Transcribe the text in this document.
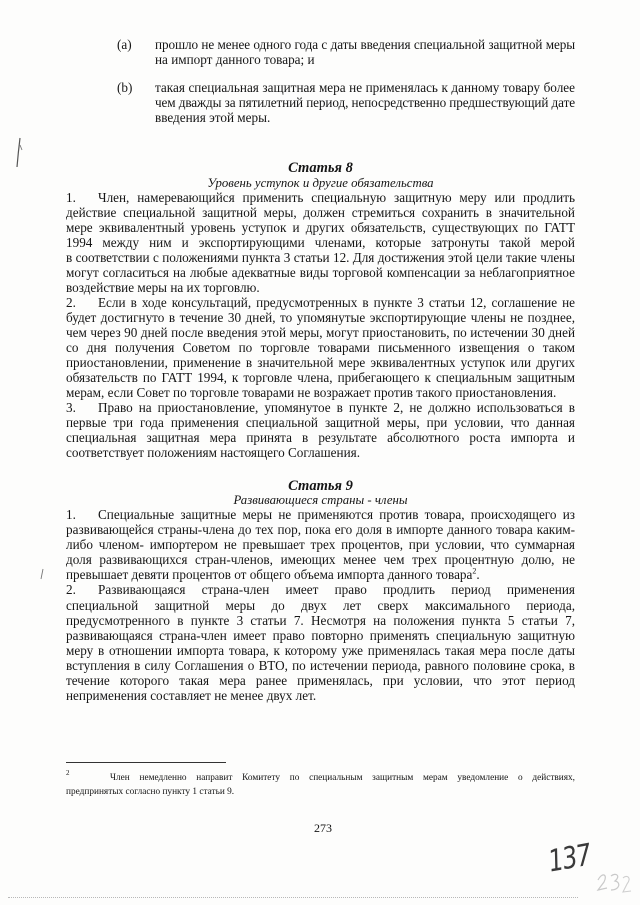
(a) прошло не менее одного года с даты введения специальной защитной меры
на импорт данного товара; и
(b) такая специальная защитная мера не применялась к данному товару более
чем дважды за пятилетний период, непосредственно предшествующий дате
введения этой меры.
Статья 8
Уровень уступок и другие обязательства
1. Член, намеревающийся применить специальную защитную меру или продлить
действие специальной защитной меры, должен стремиться сохранить в значительной
мере эквивалентный уровень уступок и других обязательств, существующих по ГАТТ
1994 между ним и экспортирующими членами, которые затронуты такой мерой
в соответствии с положениями пункта 3 статьи 12. Для достижения этой цели такие члены
могут согласиться на любые адекватные виды торговой компенсации за неблагоприятное
воздействие меры на их торговлю.
2. Если в ходе консультаций, предусмотренных в пункте 3 статьи 12, соглашение не
будет достигнуто в течение 30 дней, то упомянутые экспортирующие члены не позднее,
чем через 90 дней после введения этой меры, могут приостановить, по истечении 30 дней
со дня получения Советом по торговле товарами письменного извещения о таком
приостановлении, применение в значительной мере эквивалентных уступок или других
обязательств по ГАТТ 1994, к торговле члена, прибегающего к специальным защитным
мерам, если Совет по торговле товарами не возражает против такого приостановления.
3. Право на приостановление, упомянутое в пункте 2, не должно использоваться в
первые три года применения специальной защитной меры, при условии, что данная
специальная защитная мера принята в результате абсолютного роста импорта и
соответствует положениям настоящего Соглашения.
Статья 9
Развивающиеся страны - члены
1. Специальные защитные меры не применяются против товара, происходящего из
развивающейся страны-члена до тех пор, пока его доля в импорте данного товара каким-
либо членом- импортером не превышает трех процентов, при условии, что суммарная
доля развивающихся стран-членов, имеющих менее чем трех процентную долю, не
превышает девяти процентов от общего объема импорта данного товара$^2$.
2. Развивающаяся страна-член имеет право продлить период применения
специальной защитной меры до двух лет сверх максимального периода,
предусмотренного в пункте 3 статьи 7. Несмотря на положения пункта 5 статьи 7,
развивающаяся страна-член имеет право повторно применять специальную защитную
меру в отношении импорта товара, к которому уже применялась такая мера после даты
вступления в силу Соглашения о ВТО, по истечении периода, равного половине срока, в
течение которого такая мера ранее применялась, при условии, что этот период
неприменения составляет не менее двух лет.
2	Член немедленно направит Комитету по специальным защитным мерам уведомление о действиях,
предпринятых согласно пункту 1 статьи 9.
273
137
